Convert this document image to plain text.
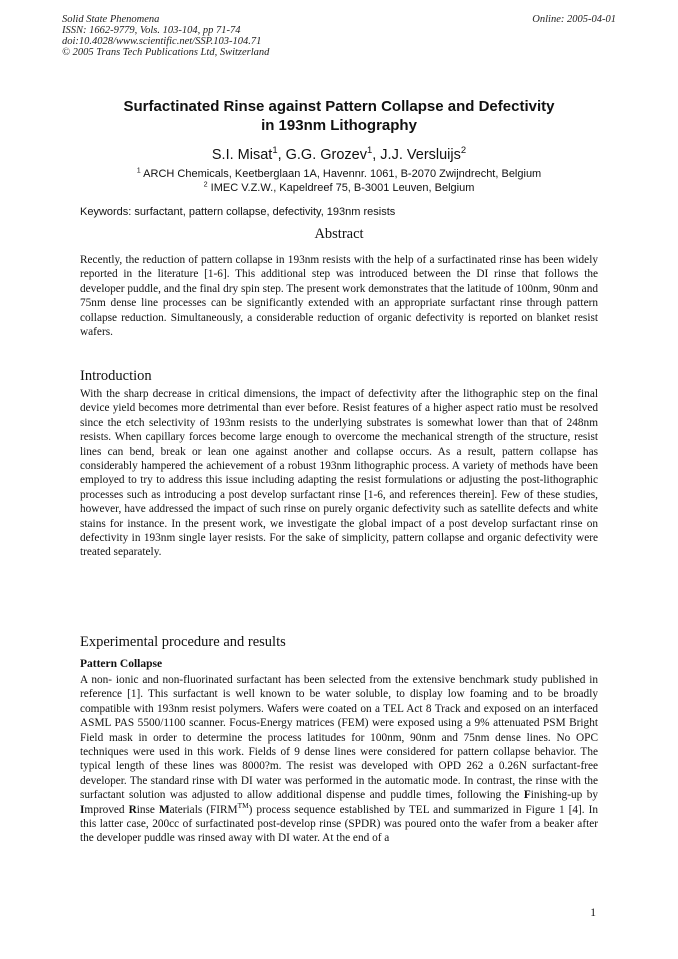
Solid State Phenomena
ISSN: 1662-9779, Vols. 103-104, pp 71-74
doi:10.4028/www.scientific.net/SSP.103-104.71
© 2005 Trans Tech Publications Ltd, Switzerland
Online: 2005-04-01
Surfactinated Rinse against Pattern Collapse and Defectivity
in 193nm Lithography
S.I. Misat$^1$, G.G. Grozev$^1$, J.J. Versluijs$^2$
$^1$ ARCH Chemicals, Keetberglaan 1A, Havennr. 1061, B-2070 Zwijndrecht, Belgium
$^2$ IMEC V.Z.W., Kapeldreef 75, B-3001 Leuven, Belgium
Keywords: surfactant, pattern collapse, defectivity, 193nm resists
Abstract

Recently, the reduction of pattern collapse in 193nm resists with the help of a surfactinated rinse has been widely reported in the literature [1-6]. This additional step was introduced between the DI rinse that follows the developer puddle, and the final dry spin step. The present work demonstrates that the latitude of 100nm, 90nm and 75nm dense line processes can be significantly extended with an appropriate surfactant rinse through pattern collapse reduction. Simultaneously, a considerable reduction of organic defectivity is reported on blanket resist wafers.

Introduction

With the sharp decrease in critical dimensions, the impact of defectivity after the lithographic step on the final device yield becomes more detrimental than ever before. Resist features of a higher aspect ratio must be resolved since the etch selectivity of 193nm resists to the underlying substrates is somewhat lower than that of 248nm resists. When capillary forces become large enough to overcome the mechanical strength of the structure, resist lines can bend, break or lean one against another and collapse occurs. As a result, pattern collapse has considerably hampered the achievement of a robust 193nm lithographic process. A variety of methods have been employed to try to address this issue including adapting the resist formulations or adjusting the post-lithographic processes such as introducing a post develop surfactant rinse [1-6, and references therein]. Few of these studies, however, have addressed the impact of such rinse on purely organic defectivity such as satellite defects and white stains for instance. In the present work, we investigate the global impact of a post develop surfactant rinse on defectivity in 193nm single layer resists. For the sake of simplicity, pattern collapse and organic defectivity were treated separately.

Experimental procedure and results
Pattern Collapse

A non- ionic and non-fluorinated surfactant has been selected from the extensive benchmark study published in reference [1]. This surfactant is well known to be water soluble, to display low foaming and to be broadly compatible with 193nm resist polymers. Wafers were coated on a TEL Act 8 Track and exposed on an interfaced ASML PAS 5500/1100 scanner. Focus-Energy matrices (FEM) were exposed using a 9% attenuated PSM Bright Field mask in order to determine the process latitudes for 100nm, 90nm and 75nm dense lines. No OPC techniques were used in this work. Fields of 9 dense lines were considered for pattern collapse behavior. The typical length of these lines was 8000?m. The resist was developed with OPD 262 a 0.26N surfactant-free developer. The standard rinse with DI water was performed in the automatic mode. In contrast, the rinse with the surfactant solution was adjusted to allow additional dispense and puddle times, following the Finishing-up by Improved Rinse Materials (FIRM™) process sequence established by TEL and summarized in Figure 1 [4]. In this latter case, 200cc of surfactinated post-develop rinse (SPDR) was poured onto the wafer from a beaker after the developer puddle was rinsed away with DI water. At the end of a

1
